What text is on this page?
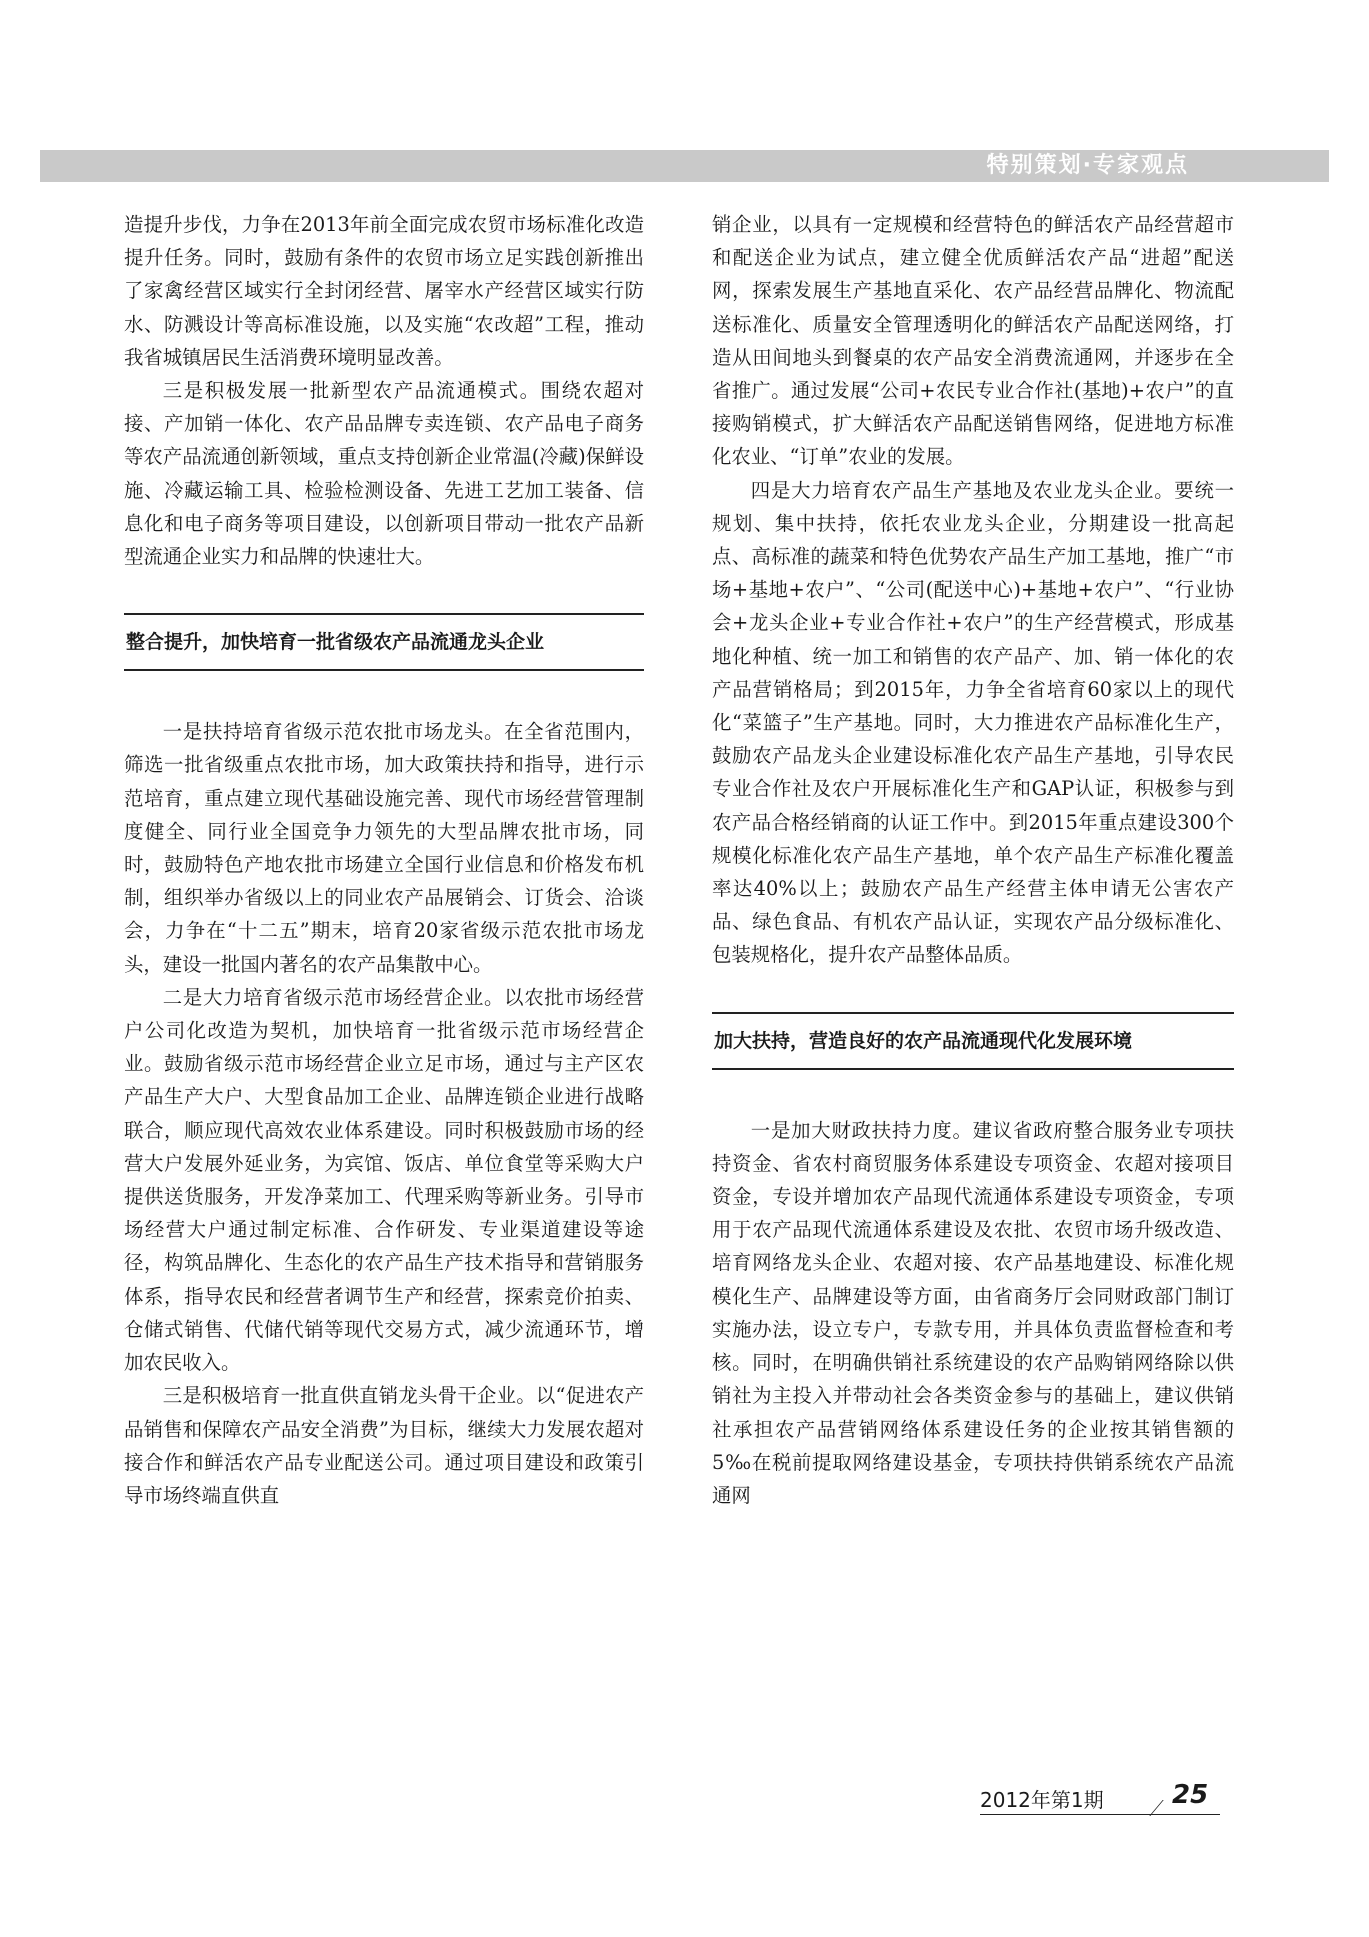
特别策划·专家观点

造提升步伐，力争在2013年前全面完成农贸市场标准化改造提升任务。同时，鼓励有条件的农贸市场立足实践创新推出了家禽经营区域实行全封闭经营、屠宰水产经营区域实行防水、防溅设计等高标准设施，以及实施“农改超”工程，推动我省城镇居民生活消费环境明显改善。

三是积极发展一批新型农产品流通模式。围绕农超对接、产加销一体化、农产品品牌专卖连锁、农产品电子商务等农产品流通创新领域，重点支持创新企业常温(冷藏)保鲜设施、冷藏运输工具、检验检测设备、先进工艺加工装备、信息化和电子商务等项目建设，以创新项目带动一批农产品新型流通企业实力和品牌的快速壮大。

整合提升，加快培育一批省级农产品流通龙头企业

一是扶持培育省级示范农批市场龙头。在全省范围内，筛选一批省级重点农批市场，加大政策扶持和指导，进行示范培育，重点建立现代基础设施完善、现代市场经营管理制度健全、同行业全国竞争力领先的大型品牌农批市场，同时，鼓励特色产地农批市场建立全国行业信息和价格发布机制，组织举办省级以上的同业农产品展销会、订货会、洽谈会，力争在“十二五”期末，培育20家省级示范农批市场龙头，建设一批国内著名的农产品集散中心。

二是大力培育省级示范市场经营企业。以农批市场经营户公司化改造为契机，加快培育一批省级示范市场经营企业。鼓励省级示范市场经营企业立足市场，通过与主产区农产品生产大户、大型食品加工企业、品牌连锁企业进行战略联合，顺应现代高效农业体系建设。同时积极鼓励市场的经营大户发展外延业务，为宾馆、饭店、单位食堂等采购大户提供送货服务，开发净菜加工、代理采购等新业务。引导市场经营大户通过制定标准、合作研发、专业渠道建设等途径，构筑品牌化、生态化的农产品生产技术指导和营销服务体系，指导农民和经营者调节生产和经营，探索竞价拍卖、仓储式销售、代储代销等现代交易方式，减少流通环节，增加农民收入。

三是积极培育一批直供直销龙头骨干企业。以“促进农产品销售和保障农产品安全消费”为目标，继续大力发展农超对接合作和鲜活农产品专业配送公司。通过项目建设和政策引导市场终端直供直

销企业，以具有一定规模和经营特色的鲜活农产品经营超市和配送企业为试点，建立健全优质鲜活农产品“进超”配送网，探索发展生产基地直采化、农产品经营品牌化、物流配送标准化、质量安全管理透明化的鲜活农产品配送网络，打造从田间地头到餐桌的农产品安全消费流通网，并逐步在全省推广。通过发展“公司+农民专业合作社(基地)+农户”的直接购销模式，扩大鲜活农产品配送销售网络，促进地方标准化农业、“订单”农业的发展。

四是大力培育农产品生产基地及农业龙头企业。要统一规划、集中扶持，依托农业龙头企业，分期建设一批高起点、高标准的蔬菜和特色优势农产品生产加工基地，推广“市场+基地+农户”、“公司(配送中心)+基地+农户”、“行业协会+龙头企业+专业合作社+农户”的生产经营模式，形成基地化种植、统一加工和销售的农产品产、加、销一体化的农产品营销格局；到2015年，力争全省培育60家以上的现代化“菜篮子”生产基地。同时，大力推进农产品标准化生产，鼓励农产品龙头企业建设标准化农产品生产基地，引导农民专业合作社及农户开展标准化生产和GAP认证，积极参与到农产品合格经销商的认证工作中。到2015年重点建设300个规模化标准化农产品生产基地，单个农产品生产标准化覆盖率达40%以上；鼓励农产品生产经营主体申请无公害农产品、绿色食品、有机农产品认证，实现农产品分级标准化、包装规格化，提升农产品整体品质。

加大扶持，营造良好的农产品流通现代化发展环境

一是加大财政扶持力度。建议省政府整合服务业专项扶持资金、省农村商贸服务体系建设专项资金、农超对接项目资金，专设并增加农产品现代流通体系建设专项资金，专项用于农产品现代流通体系建设及农批、农贸市场升级改造、培育网络龙头企业、农超对接、农产品基地建设、标准化规模化生产、品牌建设等方面，由省商务厅会同财政部门制订实施办法，设立专户，专款专用，并具体负责监督检查和考核。同时，在明确供销社系统建设的农产品购销网络除以供销社为主投入并带动社会各类资金参与的基础上，建议供销社承担农产品营销网络体系建设任务的企业按其销售额的5‰在税前提取网络建设基金，专项扶持供销系统农产品流通网

2012年第1期	25
